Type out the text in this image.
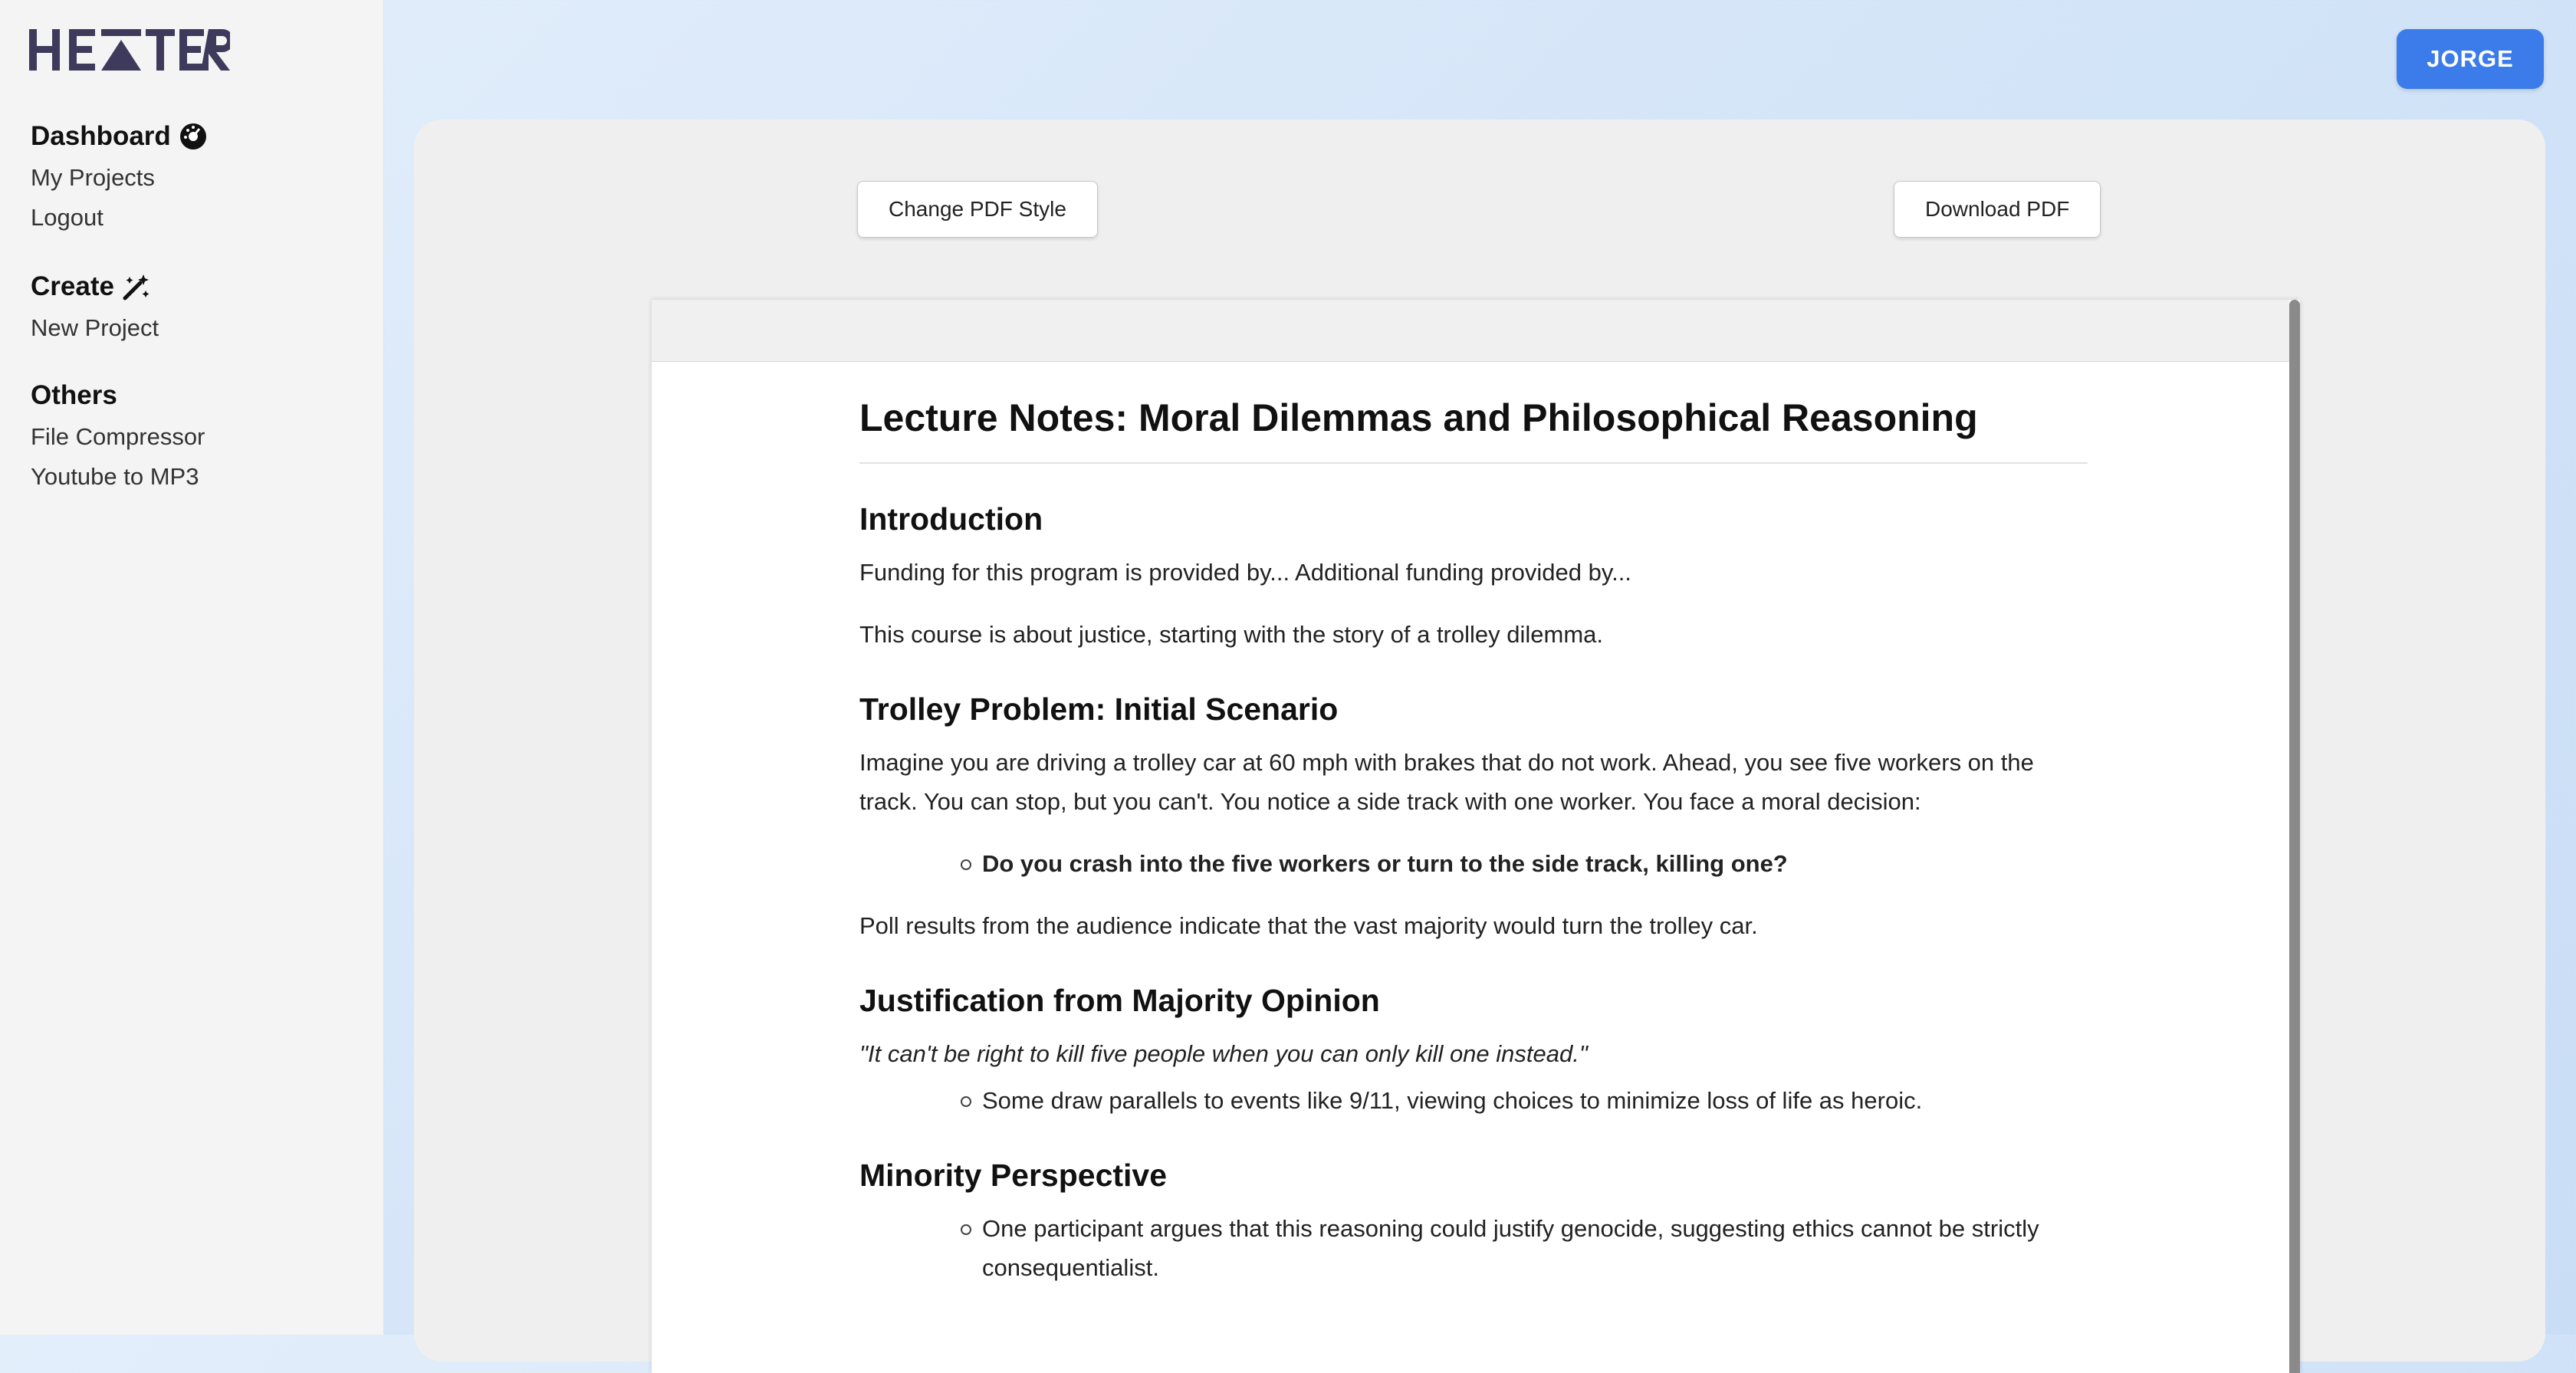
Dashboard
My Projects
Logout
Create
New Project
Others
File Compressor
Youtube to MP3
JORGE
Change PDF Style	Download PDF
Lecture Notes: Moral Dilemmas and Philosophical Reasoning
Introduction

Funding for this program is provided by... Additional funding provided by...

This course is about justice, starting with the story of a trolley dilemma.

Trolley Problem: Initial Scenario

Imagine you are driving a trolley car at 60 mph with brakes that do not work. Ahead, you see five workers on the track. You can stop, but you can't. You notice a side track with one worker. You face a moral decision:

Do you crash into the five workers or turn to the side track, killing one?

Poll results from the audience indicate that the vast majority would turn the trolley car.

Justification from Majority Opinion

"It can't be right to kill five people when you can only kill one instead."

Some draw parallels to events like 9/11, viewing choices to minimize loss of life as heroic.
Minority Perspective
One participant argues that this reasoning could justify genocide, suggesting ethics cannot be strictly consequentialist.
